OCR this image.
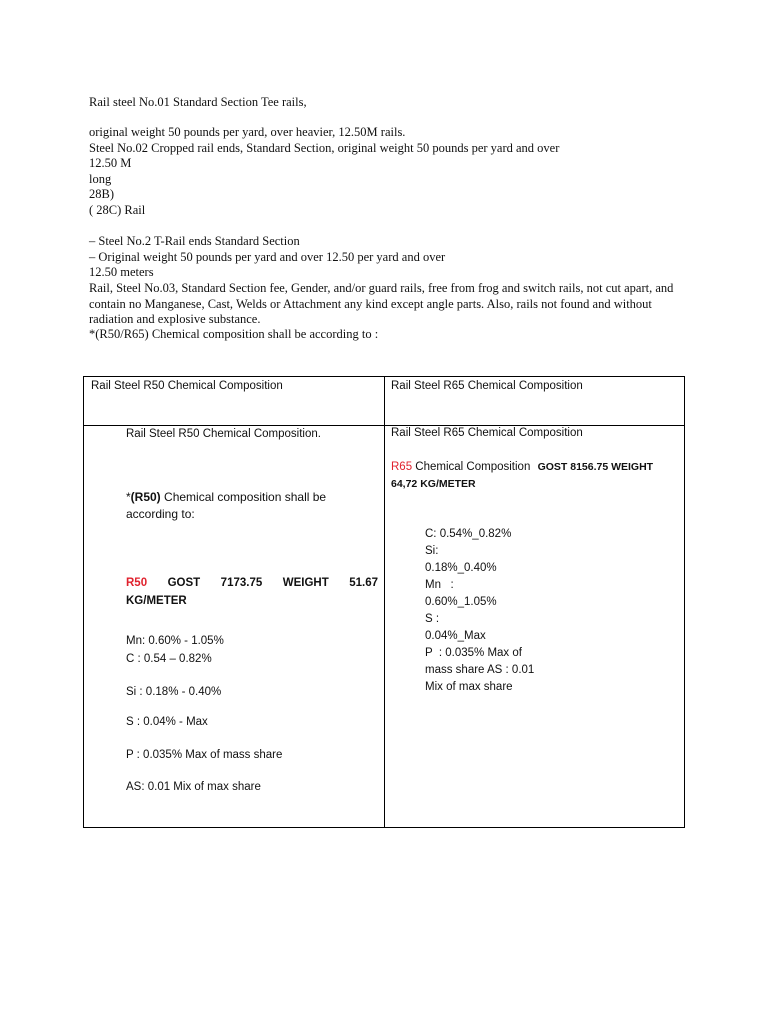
Rail steel No.01 Standard Section Tee rails,
original weight 50 pounds per yard, over heavier, 12.50M rails.
Steel No.02 Cropped rail ends, Standard Section, original weight 50 pounds per yard and over
12.50 M
long
28B)
( 28C) Rail
– Steel No.2 T-Rail ends Standard Section
– Original weight 50 pounds per yard and over 12.50 per yard and over
12.50 meters
Rail, Steel No.03, Standard Section fee, Gender, and/or guard rails, free from frog and switch rails, not cut apart, and contain no Manganese, Cast, Welds or Attachment any kind except angle parts. Also, rails not found and without radiation and explosive substance.
*(R50/R65) Chemical composition shall be according to :
Rail Steel R50 Chemical Composition	Rail Steel R65 Chemical Composition
Rail Steel R50 Chemical Composition.
*(R50) Chemical composition shall be according to:
R50 GOST 7173.75 WEIGHT 51.67
KG/METER
Mn: 0.60% - 1.05%
C : 0.54 – 0.82%
Si : 0.18% - 0.40%
S : 0.04% - Max
P : 0.035% Max of mass share
AS: 0.01 Mix of max share
Rail Steel R65 Chemical Composition
R65 Chemical Composition GOST 8156.75 WEIGHT
64,72 KG/METER
C: 0.54%_0.82%
Si:
0.18%_0.40%
Mn   :
0.60%_1.05%
S :
0.04%_Max
P  : 0.035% Max of
mass share AS : 0.01
Mix of max share
